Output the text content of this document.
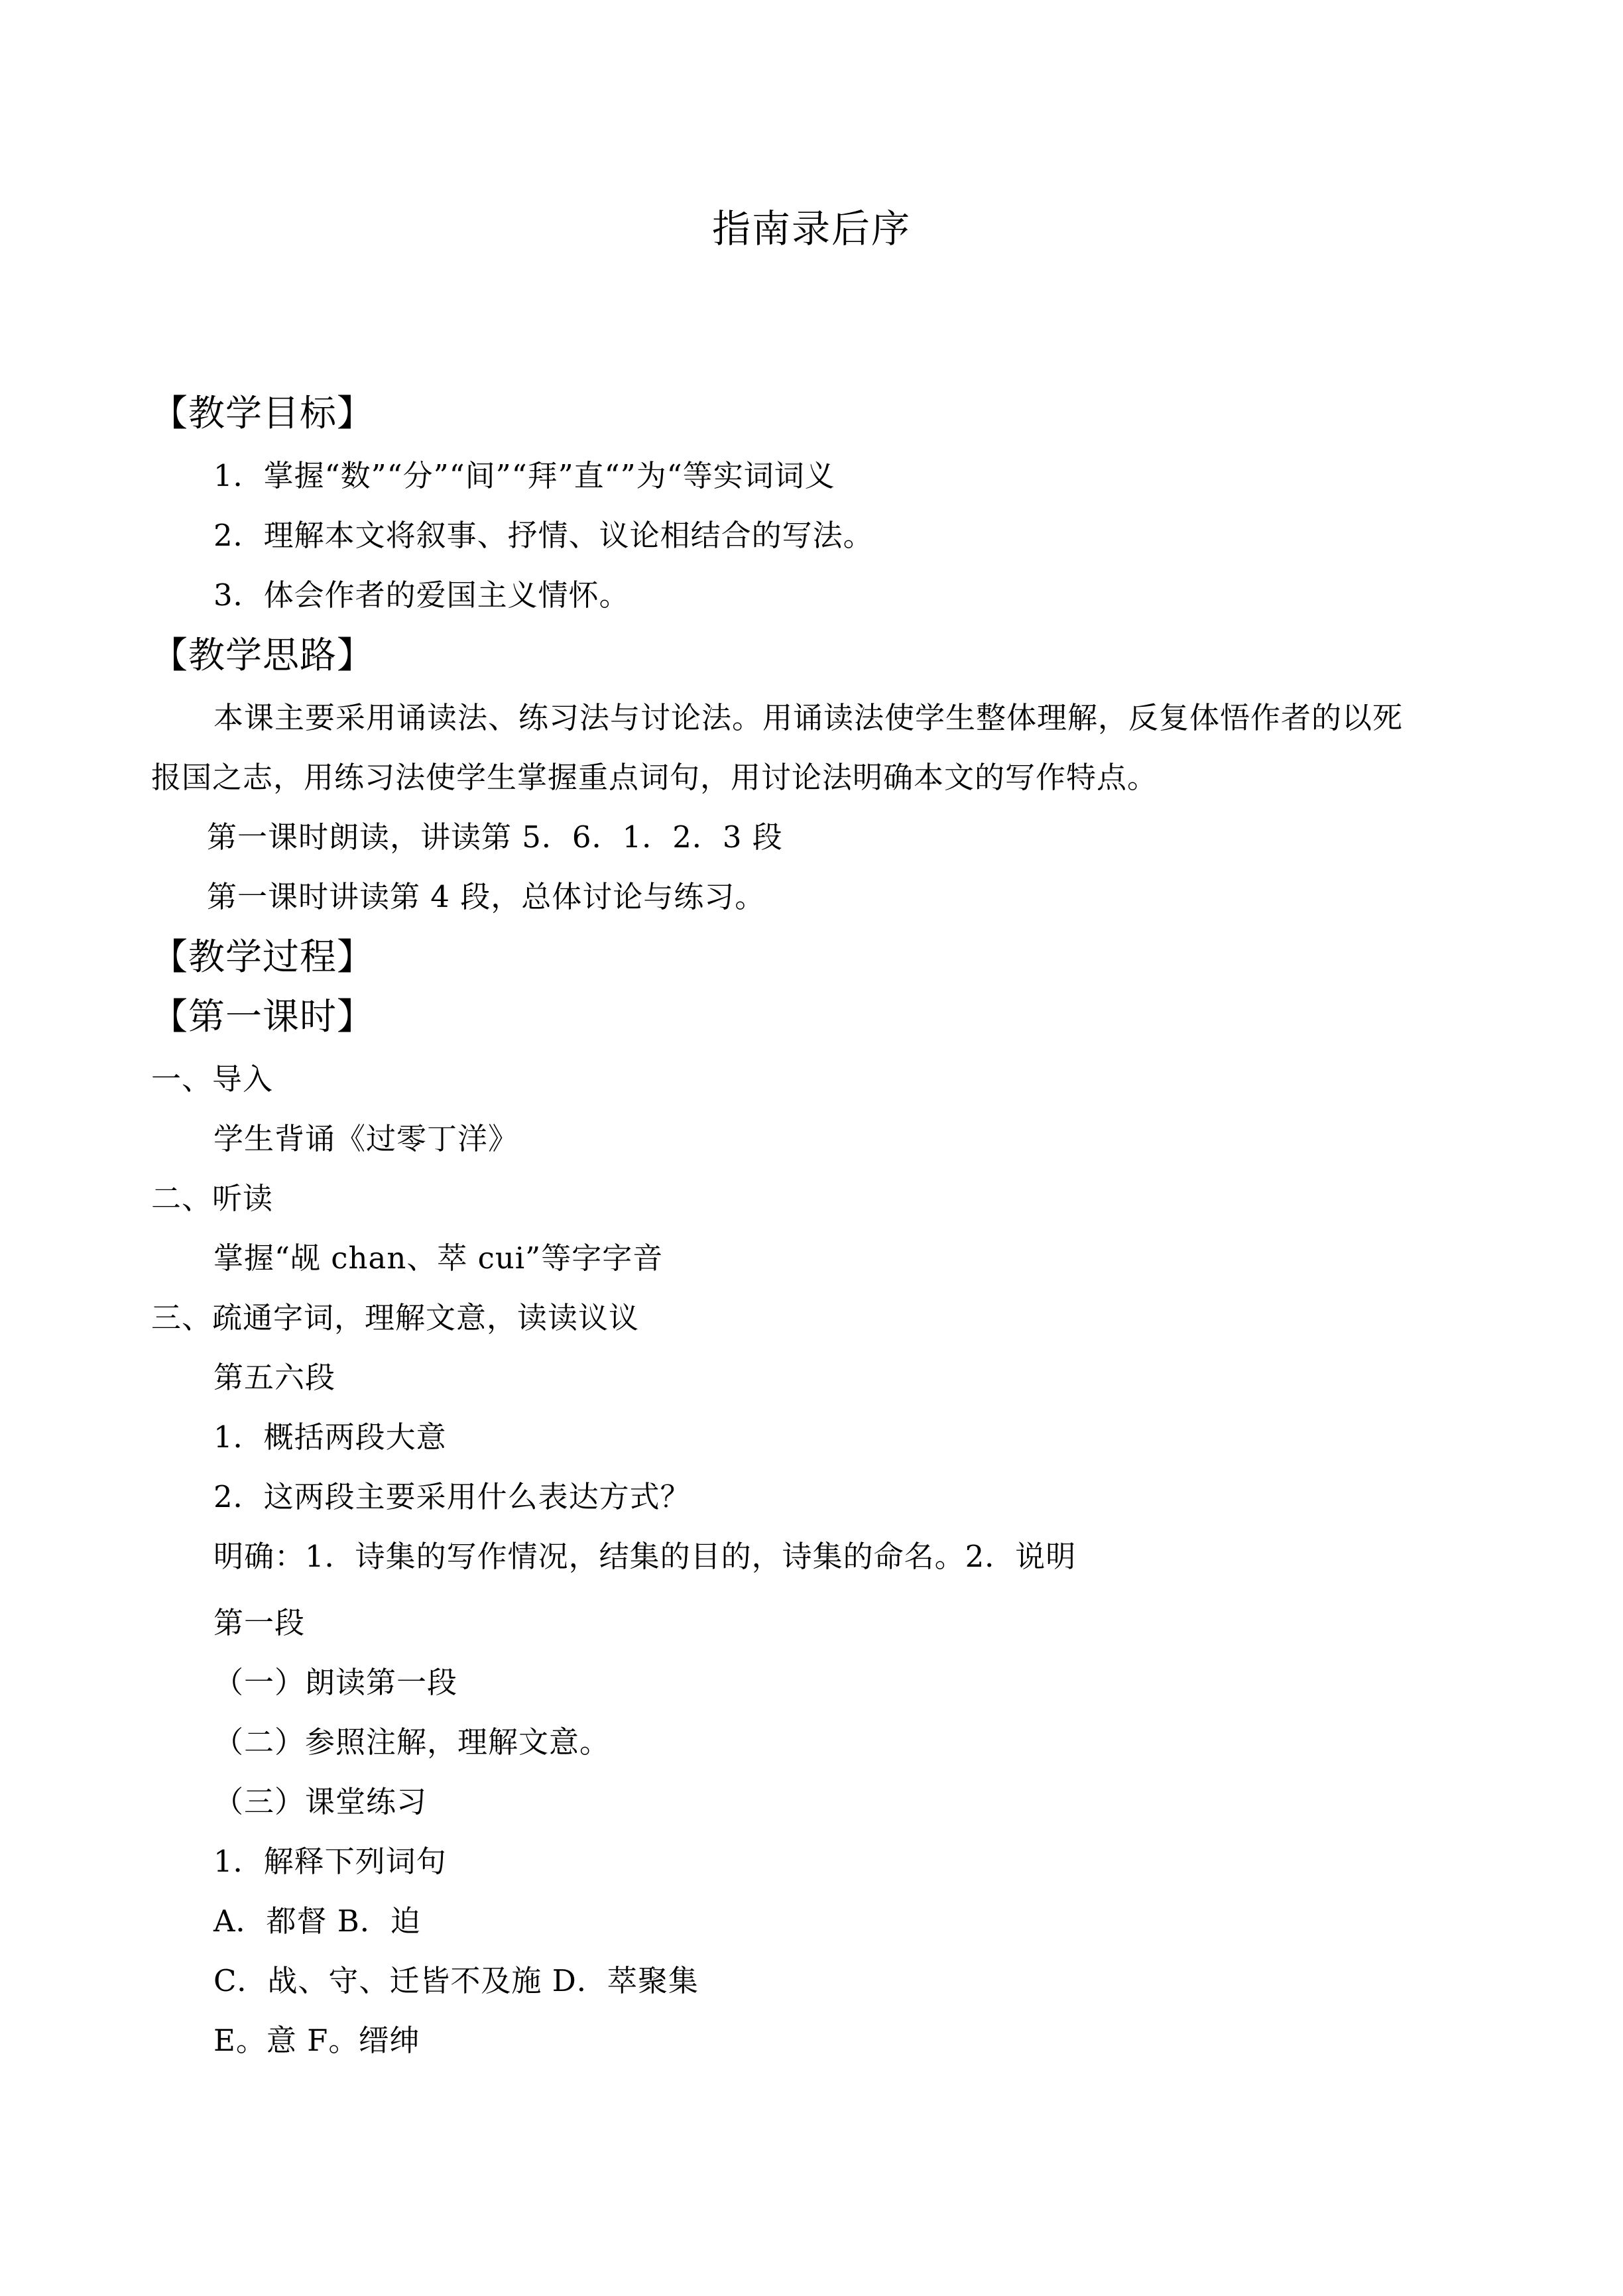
指南录后序
【教学目标】
1．掌握“数”“分”“间”“拜”直“”为“等实词词义
2．理解本文将叙事、抒情、议论相结合的写法。
3．体会作者的爱国主义情怀。
【教学思路】
本课主要采用诵读法、练习法与讨论法。用诵读法使学生整体理解，反复体悟作者的以死
报国之志，用练习法使学生掌握重点词句，用讨论法明确本文的写作特点。
第一课时朗读，讲读第 5．6．1．2．3 段
第一课时讲读第 4 段，总体讨论与练习。
【教学过程】
【第一课时】
一、导入
学生背诵《过零丁洋》
二、听读
掌握“觇 chan、萃 cui”等字字音
三、疏通字词，理解文意，读读议议
第五六段
1．概括两段大意
2．这两段主要采用什么表达方式？
明确：1．诗集的写作情况，结集的目的，诗集的命名。2．说明
第一段
（一）朗读第一段
（二）参照注解，理解文意。
（三）课堂练习
1．解释下列词句
A．都督 B．迫
C．战、守、迁皆不及施 D．萃聚集
E。意 F。缙绅
